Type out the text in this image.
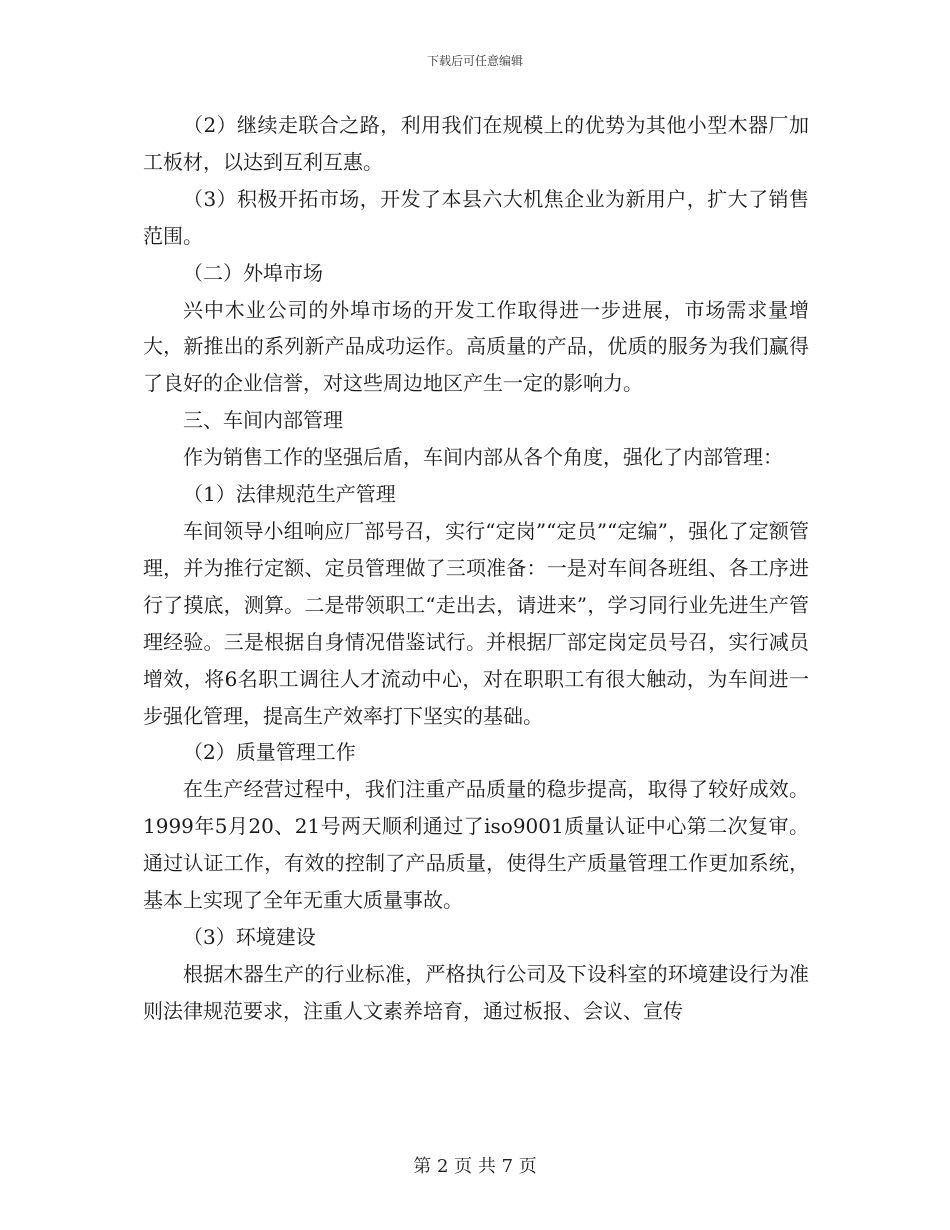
下载后可任意编辑

（2）继续走联合之路，利用我们在规模上的优势为其他小型木器厂加工板材，以达到互利互惠。

（3）积极开拓市场，开发了本县六大机焦企业为新用户，扩大了销售范围。

（二）外埠市场

兴中木业公司的外埠市场的开发工作取得进一步进展，市场需求量增大，新推出的系列新产品成功运作。高质量的产品，优质的服务为我们赢得了良好的企业信誉，对这些周边地区产生一定的影响力。

三、车间内部管理

作为销售工作的坚强后盾，车间内部从各个角度，强化了内部管理：

（1）法律规范生产管理

车间领导小组响应厂部号召，实行“定岗”“定员”“定编”，强化了定额管理，并为推行定额、定员管理做了三项准备：一是对车间各班组、各工序进行了摸底，测算。二是带领职工“走出去，请进来”，学习同行业先进生产管理经验。三是根据自身情况借鉴试行。并根据厂部定岗定员号召，实行减员增效，将6名职工调往人才流动中心，对在职职工有很大触动，为车间进一步强化管理，提高生产效率打下坚实的基础。

（2）质量管理工作

在生产经营过程中，我们注重产品质量的稳步提高，取得了较好成效。1999年5月20、21号两天顺利通过了iso9001质量认证中心第二次复审。通过认证工作，有效的控制了产品质量，使得生产质量管理工作更加系统，基本上实现了全年无重大质量事故。

（3）环境建设

根据木器生产的行业标准，严格执行公司及下设科室的环境建设行为准则法律规范要求，注重人文素养培育，通过板报、会议、宣传

第 2 页 共 7 页
